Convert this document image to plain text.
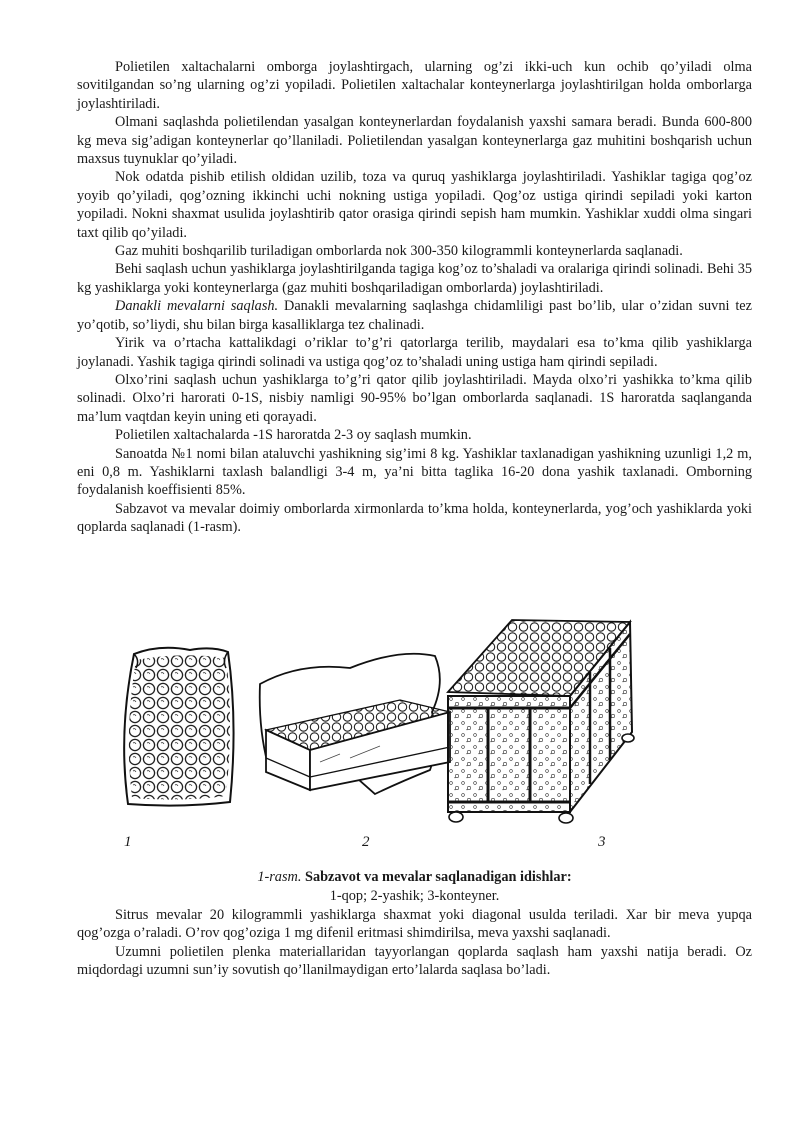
Polietilen xaltachalarni omborga joylashtirgach, ularning og’zi ikki-uch kun ochib qo’yiladi olma sovitilgandan so’ng ularning og’zi yopiladi. Polietilen xaltachalar konteynerlarga joylashtirilgan holda omborlarga joylashtiriladi.

Olmani saqlashda polietilendan yasalgan konteynerlardan foydalanish yaxshi samara beradi. Bunda 600-800 kg meva sig’adigan konteynerlar qo’llaniladi. Polietilendan yasalgan konteynerlarga gaz muhitini boshqarish uchun maxsus tuynuklar qo’yiladi.

Nok odatda pishib etilish oldidan uzilib, toza va quruq yashiklarga joylashtiriladi. Yashiklar tagiga qog’oz yoyib qo’yiladi, qog’ozning ikkinchi uchi nokning ustiga yopiladi. Qog’oz ustiga qirindi sepiladi yoki karton yopiladi. Nokni shaxmat usulida joylashtirib qator orasiga qirindi sepish ham mumkin. Yashiklar xuddi olma singari taxt qilib qo’yiladi.

Gaz muhiti boshqarilib turiladigan omborlarda nok 300-350 kilogrammli konteynerlarda saqlanadi.

Behi saqlash uchun yashiklarga joylashtirilganda tagiga kog’oz to’shaladi va oralariga qirindi solinadi. Behi 35 kg yashiklarga yoki konteynerlarga (gaz muhiti boshqariladigan omborlarda) joylashtiriladi.

Danakli mevalarni saqlash. Danakli mevalarning saqlashga chidamliligi past bo’lib, ular o’zidan suvni tez yo’qotib, so’liydi, shu bilan birga kasalliklarga tez chalinadi.

Yirik va o’rtacha kattalikdagi o’riklar to’g’ri qatorlarga terilib, maydalari esa to’kma qilib yashiklarga joylanadi. Yashik tagiga qirindi solinadi va ustiga qog’oz to’shaladi uning ustiga ham qirindi sepiladi.

Olxo’rini saqlash uchun yashiklarga to’g’ri qator qilib joylashtiriladi. Mayda olxo’ri yashikka to’kma qilib solinadi. Olxo’ri harorati 0-1S, nisbiy namligi 90-95% bo’lgan omborlarda saqlanadi. 1S haroratda saqlanganda ma’lum vaqtdan keyin uning eti qorayadi.

Polietilen xaltachalarda -1S haroratda 2-3 oy saqlash mumkin.

Sanoatda №1 nomi bilan ataluvchi yashikning sig’imi 8 kg. Yashiklar taxlanadigan yashikning uzunligi 1,2 m, eni 0,8 m. Yashiklarni taxlash balandligi 3-4 m, ya’ni bitta taglika 16-20 dona yashik taxlanadi. Omborning foydalanish koeffisienti 85%.

Sabzavot va mevalar doimiy omborlarda xirmonlarda to’kma holda, konteynerlarda, yog’och yashiklarda yoki qoplarda saqlanadi (1-rasm).

1	2	3
1-rasm. Sabzavot va mevalar saqlanadigan idishlar:
1-qop; 2-yashik; 3-konteyner.

Sitrus mevalar 20 kilogrammli yashiklarga shaxmat yoki diagonal usulda teriladi. Xar bir meva yupqa qog’ozga o’raladi. O’rov qog’oziga 1 mg difenil eritmasi shimdirilsa, meva yaxshi saqlanadi.

Uzumni polietilen plenka materiallaridan tayyorlangan qoplarda saqlash ham yaxshi natija beradi. Oz miqdordagi uzumni sun’iy sovutish qo’llanilmaydigan erto’lalarda saqlasa bo’ladi.
